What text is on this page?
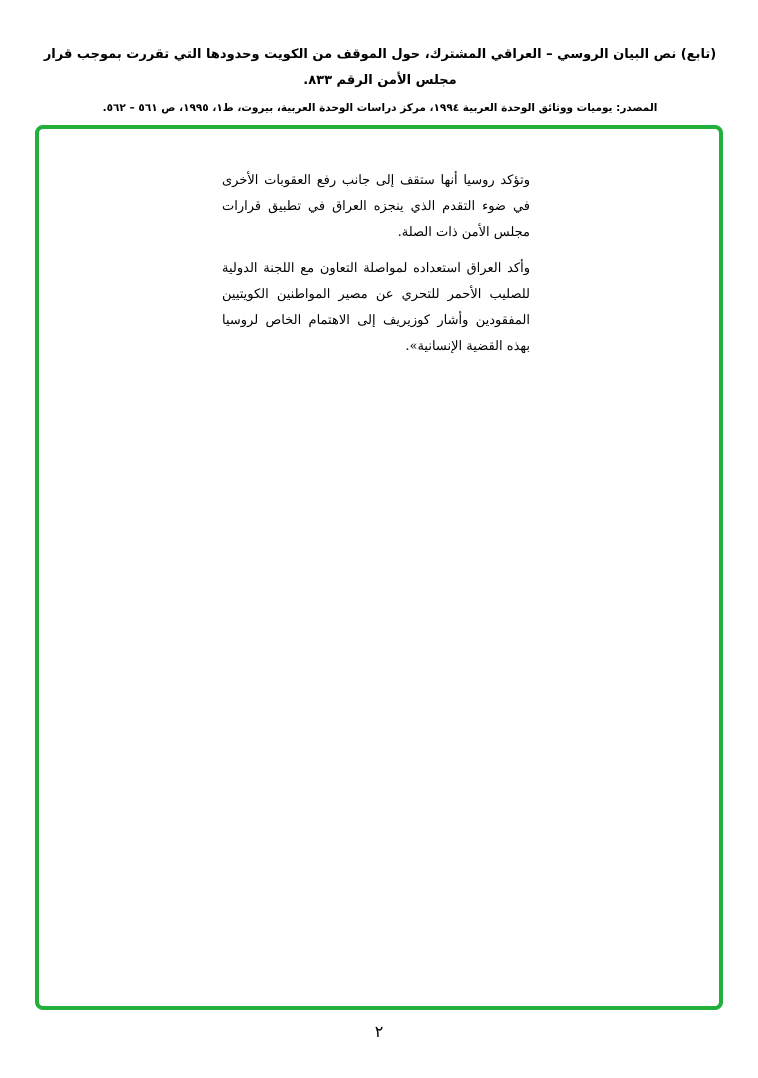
(تابع) نص البيان الروسي – العراقي المشترك، حول الموقف من الكويت وحدودها التي تقررت بموجب قرار مجلس الأمن الرقم ٨٣٣.

المصدر: يوميات ووثائق الوحدة العربية ١٩٩٤، مركز دراسات الوحدة العربية، بيروت، ط١، ١٩٩٥، ص ٥٦١ – ٥٦٢.

وتؤكد روسيا أنها ستقف إلى جانب رفع العقوبات الأخرى في ضوء التقدم الذي ينجزه العراق في تطبيق قرارات مجلس الأمن ذات الصلة.

وأكد العراق استعداده لمواصلة التعاون مع اللجنة الدولية للصليب الأحمر للتحري عن مصير المواطنين الكويتيين المفقودين وأشار كوزيريف إلى الاهتمام الخاص لروسيا بهذه القضية الإنسانية».

٢
